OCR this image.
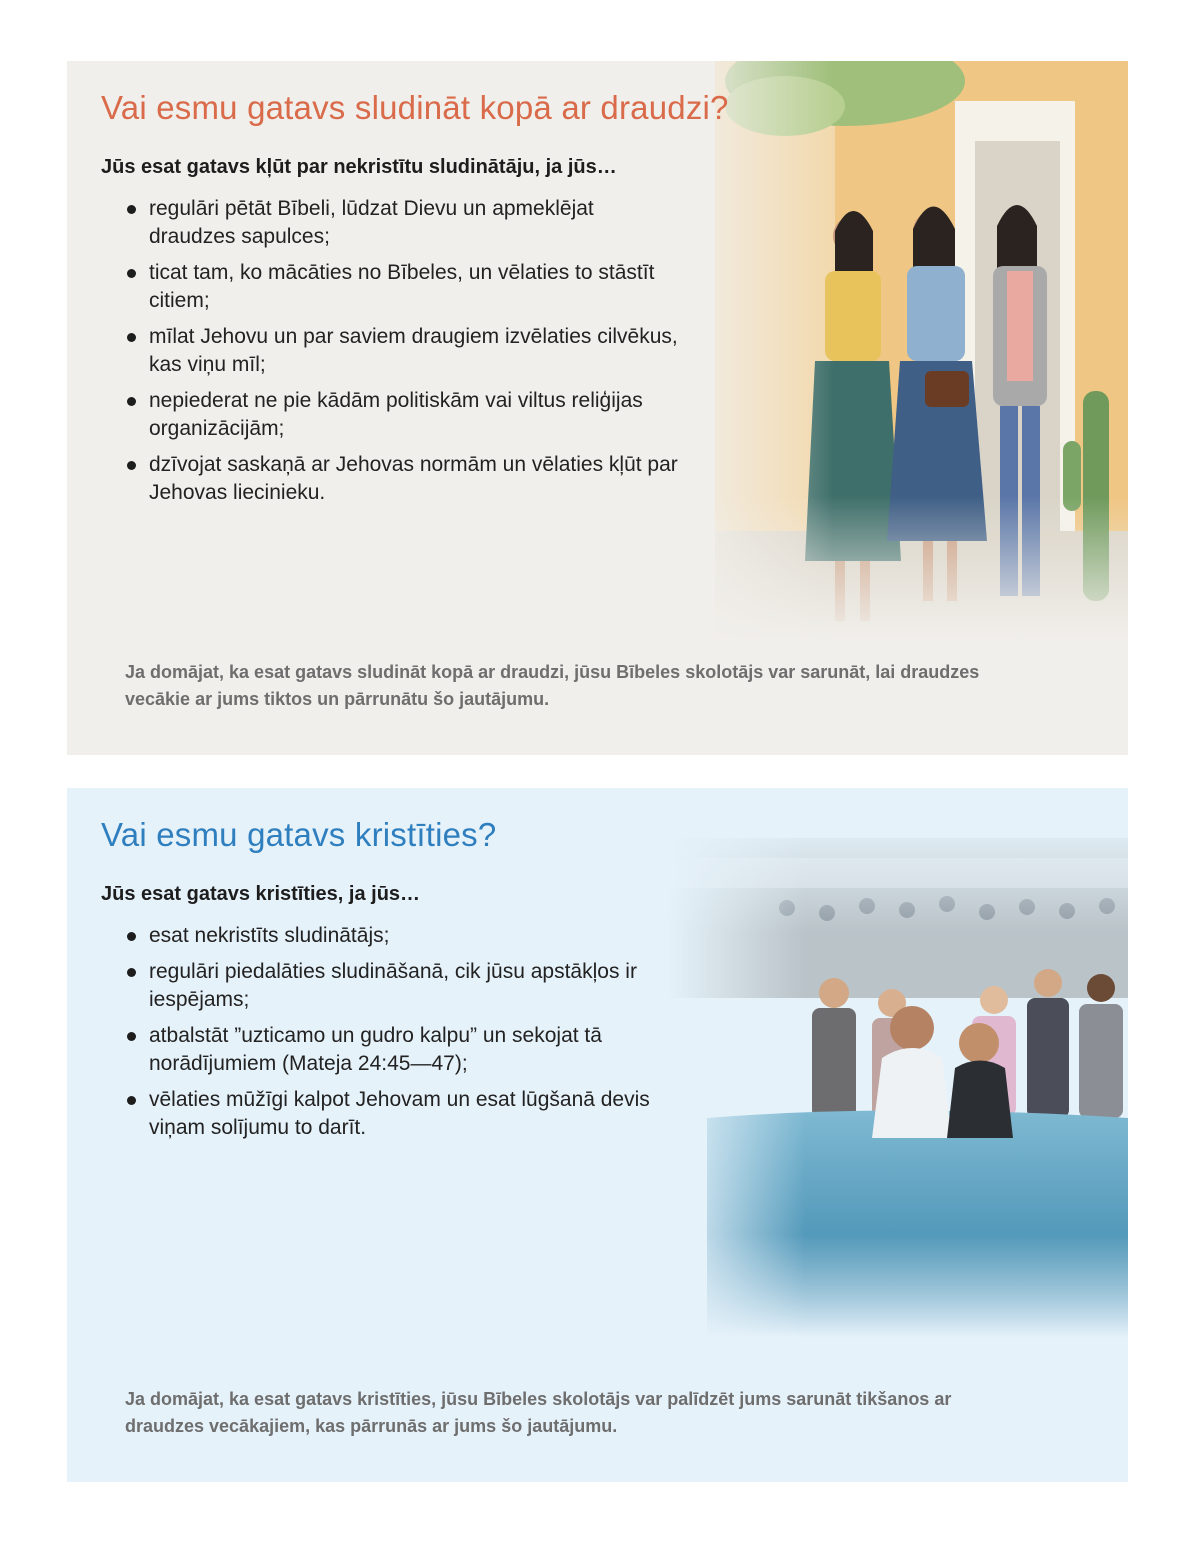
Vai esmu gatavs sludināt kopā ar draudzi?

Jūs esat gatavs kļūt par nekristītu sludinātāju, ja jūs…

regulāri pētāt Bībeli, lūdzat Dievu un apmeklējat draudzes sapulces;
ticat tam, ko mācāties no Bībeles, un vēlaties to stāstīt citiem;
mīlat Jehovu un par saviem draugiem izvēlaties cilvēkus, kas viņu mīl;
nepiederat ne pie kādām politiskām vai viltus reliģijas organizācijām;
dzīvojat saskaņā ar Jehovas normām un vēlaties kļūt par Jehovas liecinieku.

Ja domājat, ka esat gatavs sludināt kopā ar draudzi, jūsu Bībeles skolotājs var sarunāt, lai draudzes vecākie ar jums tiktos un pārrunātu šo jautājumu.

Vai esmu gatavs kristīties?

Jūs esat gatavs kristīties, ja jūs…

esat nekristīts sludinātājs;
regulāri piedalāties sludināšanā, cik jūsu apstākļos ir iespējams;
atbalstāt ”uzticamo un gudro kalpu” un sekojat tā norādījumiem (Mateja 24:45—47);
vēlaties mūžīgi kalpot Jehovam un esat lūgšanā devis viņam solījumu to darīt.

Ja domājat, ka esat gatavs kristīties, jūsu Bībeles skolotājs var palīdzēt jums sarunāt tikšanos ar draudzes vecākajiem, kas pārrunās ar jums šo jautājumu.
